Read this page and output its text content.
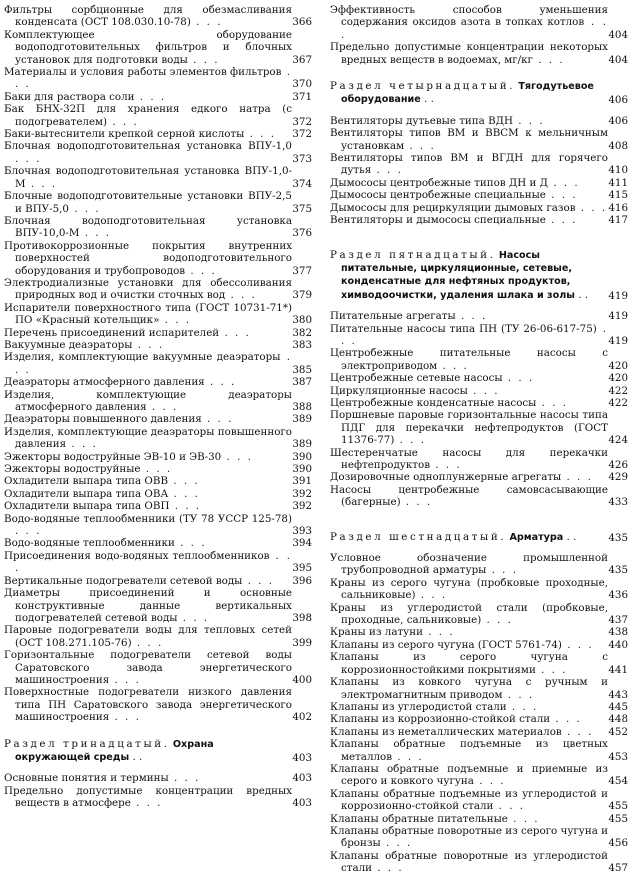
Фильтры сорбционные для обезмасливания конденсата (ОСТ 108.030.10-78) . . .	366

Комплектующее оборудование водоподготовительных фильтров и блочных установок для подготовки воды . . .	367

Материалы и условия работы элементов фильтров . . .	370

Баки для раствора соли . . .	371

Бак БНХ-32П для хранения едкого натра (с подогревателем) . . .	372

Баки-вытеснители крепкой серной кислоты . . . 372

Блочная водоподготовительная установка ВПУ-1,0 . . .	373

Блочная водоподготовительная установка ВПУ-1,0-М . . .	374

Блочные водоподготовительные установки ВПУ-2,5 и ВПУ-5,0 . . .	375

Блочная водоподготовительная установка ВПУ-10,0-М . . .	376

Противокоррозионные покрытия внутренних поверхностей водоподготовительного оборудования и трубопроводов . . .	377

Электродиализные установки для обессоливания природных вод и очистки сточных вод . . .	379

Испарители поверхностного типа (ГОСТ 10731-71*) ПО «Красный котельщик» . . .	380

Перечень присоединений испарителей . . .	382

Вакуумные деаэраторы . . .	383

Изделия, комплектующие вакуумные деаэраторы . . .	385

Деаэраторы атмосферного давления . . .	387

Изделия, комплектующие деаэраторы атмосферного давления . . .	388

Деаэраторы повышенного давления . . .	389

Изделия, комплектующие деаэраторы повышенного давления . . .	389

Эжекторы водоструйные ЭВ-10 и ЭВ-30 . . .	390

Эжекторы водоструйные . . .	390

Охладители выпара типа ОВВ . . .	391

Охладители выпара типа ОВА . . .	392

Охладители выпара типа ОВП . . .	392

Водо-водяные теплообменники (ТУ 78 УССР 125-78) . . .	393

Водо-водяные теплообменники . . .	394

Присоединения водо-водяных теплообменников . . .	395

Вертикальные подогреватели сетевой воды . . . 396

Диаметры присоединений и основные конструктивные данные вертикальных подогревателей сетевой воды . . .	398

Паровые подогреватели воды для тепловых сетей (ОСТ 108.271.105-76) . . .	399

Горизонтальные подогреватели сетевой воды Саратовского завода энергетического машиностроения . . .	400

Поверхностные подогреватели низкого давления типа ПН Саратовского завода энергетического машиностроения . . .	402

Раздел тринадцатый. Охрана окружающей среды . .	403

Основные понятия и термины . . .	403

Предельно допустимые концентрации вредных веществ в атмосфере . . .	403

Эффективность способов уменьшения содержания оксидов азота в топках котлов . . .	404

Предельно допустимые концентрации некоторых вредных веществ в водоемах, мг/кг . . .	404

Раздел четырнадцатый. Тягодутьевое оборудование . .	406

Вентиляторы дутьевые типа ВДН . . .	406

Вентиляторы типов ВМ и ВВСМ к мельничным установкам . . .	408

Вентиляторы типов ВМ и ВГДН для горячего дутья . . .	410

Дымососы центробежные типов ДН и Д . . .	411

Дымососы центробежные специальные . . .	415

Дымососы для рециркуляции дымовых газов . . . 416

Вентиляторы и дымососы специальные . . .	417

Раздел пятнадцатый. Насосы питательные, циркуляционные, сетевые, конденсатные для нефтяных продуктов, химводоочистки, удаления шлака и золы . . 419

Питательные агрегаты . . .	419

Питательные насосы типа ПН (ТУ 26-06-617-75) . . .	419

Центробежные питательные насосы с электроприводом . . .	420

Центробежные сетевые насосы . . .	420

Циркуляционные насосы . . .	422

Центробежные конденсатные насосы . . .	422

Поршневые паровые горизонтальные насосы типа ПДГ для перекачки нефтепродуктов (ГОСТ 11376-77) . . .	424

Шестеренчатые насосы для перекачки нефтепродуктов . . .	426

Дозировочные одноплунжерные агрегаты . . . 429

Насосы центробежные самовсасывающие (багерные) . . .	433

Раздел шестнадцатый. Арматура . .	435

Условное обозначение промышленной трубопроводной арматуры . . .	435

Краны из серого чугуна (пробковые проходные, сальниковые) . . .	436

Краны из углеродистой стали (пробковые, проходные, сальниковые) . . .	437

Краны из латуни . . .	438

Клапаны из серого чугуна (ГОСТ 5761-74) . . . 440

Клапаны из серого чугуна с коррозионностойкими покрытиями . . .	441

Клапаны из ковкого чугуна с ручным и электромагнитным приводом . . .	443

Клапаны из углеродистой стали . . .	445

Клапаны из коррозионно-стойкой стали . . .	448

Клапаны из неметаллических материалов . . . 452

Клапаны обратные подъемные из цветных металлов . . .	453

Клапаны обратные подъемные и приемные из серого и ковкого чугуна . . .	454

Клапаны обратные подъемные из углеродистой и коррозионно-стойкой стали . . .	455

Клапаны обратные питательные . . .	455

Клапаны обратные поворотные из серого чугуна и бронзы . . .	456

Клапаны обратные поворотные из углеродистой стали . . .	457
